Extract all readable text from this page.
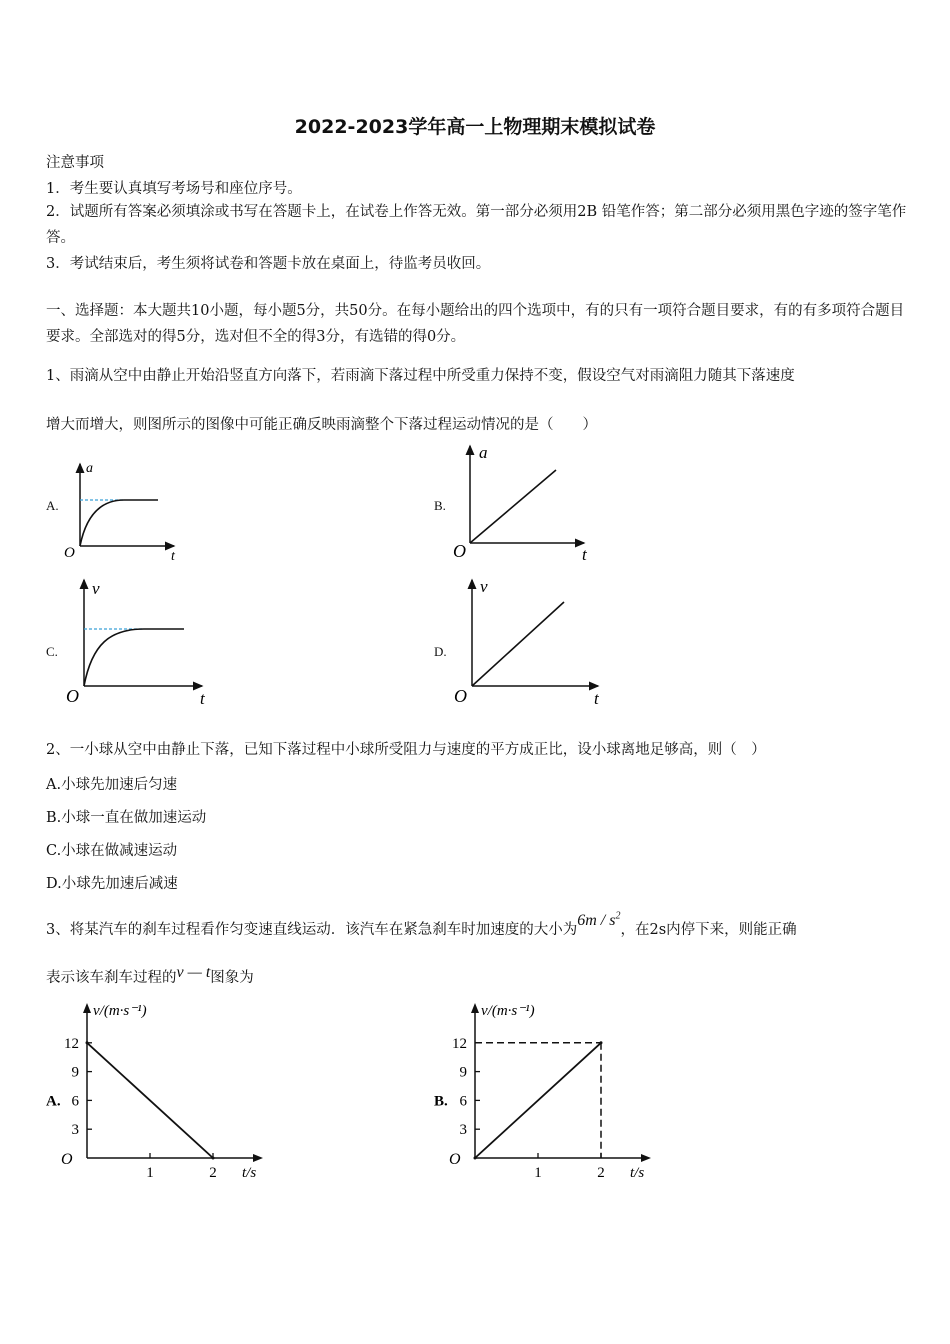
2022-2023学年高一上物理期末模拟试卷
注意事项
1．考生要认真填写考场号和座位序号。
2．试题所有答案必须填涂或书写在答题卡上，在试卷上作答无效。第一部分必须用2B 铅笔作答；第二部分必须用黑色字迹的签字笔作答。
3．考试结束后，考生须将试卷和答题卡放在桌面上，待监考员收回。
一、选择题：本大题共10小题，每小题5分，共50分。在每小题给出的四个选项中，有的只有一项符合题目要求，有的有多项符合题目要求。全部选对的得5分，选对但不全的得3分，有选错的得0分。
1、雨滴从空中由静止开始沿竖直方向落下，若雨滴下落过程中所受重力保持不变，假设空气对雨滴阻力随其下落速度
增大而增大，则图所示的图像中可能正确反映雨滴整个下落过程运动情况的是（　　）
A.
a
t
O
B.
a
t
O
C.
v
t
O
D.
v
t
O
2、一小球从空中由静止下落，已知下落过程中小球所受阻力与速度的平方成正比，设小球离地足够高，则（　）
A.小球先加速后匀速
B.小球一直在做加速运动
C.小球在做减速运动
D.小球先加速后减速
3、将某汽车的刹车过程看作匀变速直线运动．该汽车在紧急刹车时加速度的大小为$6m / s^2$，在2s内停下来，则能正确
表示该车刹车过程的v — t图象为
3
6
9
12
1	2
O
v/(m·s⁻¹)
t/s
A.
3
6
9
12
1	2
O
v/(m·s⁻¹)
t/s
B.
